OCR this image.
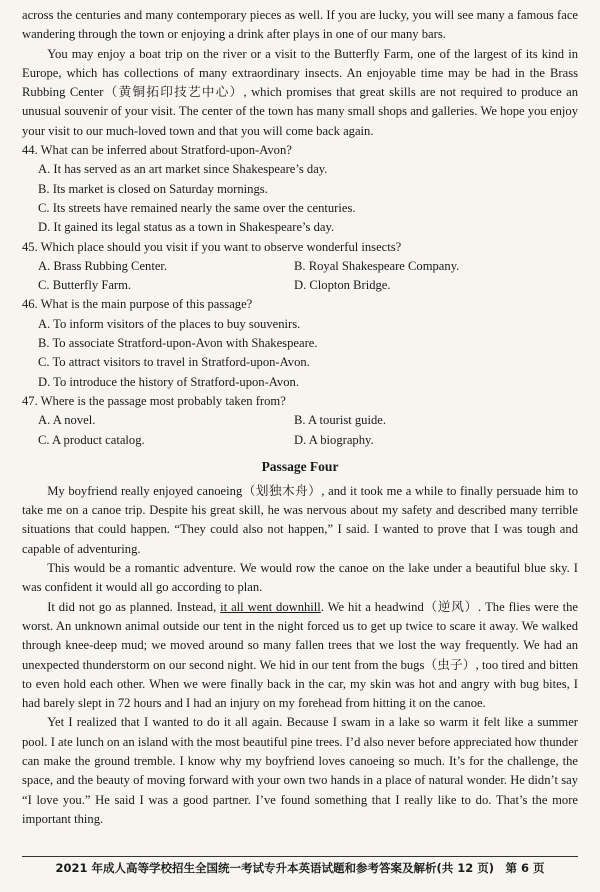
across the centuries and many contemporary pieces as well. If you are lucky, you will see many a famous face wandering through the town or enjoying a drink after plays in one of our many bars.

You may enjoy a boat trip on the river or a visit to the Butterfly Farm, one of the largest of its kind in Europe, which has collections of many extraordinary insects. An enjoyable time may be had in the Brass Rubbing Center（黄铜拓印技艺中心）, which promises that great skills are not required to produce an unusual souvenir of your visit. The center of the town has many small shops and galleries. We hope you enjoy your visit to our much-loved town and that you will come back again.

44. What can be inferred about Stratford-upon-Avon?
A. It has served as an art market since Shakespeare’s day.
B. Its market is closed on Saturday mornings.
C. Its streets have remained nearly the same over the centuries.
D. It gained its legal status as a town in Shakespeare’s day.
45. Which place should you visit if you want to observe wonderful insects?
A. Brass Rubbing Center.	B. Royal Shakespeare Company.
C. Butterfly Farm.	D. Clopton Bridge.
46. What is the main purpose of this passage?
A. To inform visitors of the places to buy souvenirs.
B. To associate Stratford-upon-Avon with Shakespeare.
C. To attract visitors to travel in Stratford-upon-Avon.
D. To introduce the history of Stratford-upon-Avon.
47. Where is the passage most probably taken from?
A. A novel.	B. A tourist guide.
C. A product catalog.	D. A biography.
Passage Four

My boyfriend really enjoyed canoeing（划独木舟）, and it took me a while to finally persuade him to take me on a canoe trip. Despite his great skill, he was nervous about my safety and described many terrible situations that could happen. “They could also not happen,” I said. I wanted to prove that I was tough and capable of adventuring.

This would be a romantic adventure. We would row the canoe on the lake under a beautiful blue sky. I was confident it would all go according to plan.

It did not go as planned. Instead, it all went downhill. We hit a headwind（逆风）. The flies were the worst. An unknown animal outside our tent in the night forced us to get up twice to scare it away. We walked through knee-deep mud; we moved around so many fallen trees that we lost the way frequently. We had an unexpected thunderstorm on our second night. We hid in our tent from the bugs（虫子）, too tired and bitten to even hold each other. When we were finally back in the car, my skin was hot and angry with bug bites, I had barely slept in 72 hours and I had an injury on my forehead from hitting it on the canoe.

Yet I realized that I wanted to do it all again. Because I swam in a lake so warm it felt like a summer pool. I ate lunch on an island with the most beautiful pine trees. I’d also never before appreciated how thunder can make the ground tremble. I know why my boyfriend loves canoeing so much. It’s for the challenge, the space, and the beauty of moving forward with your own two hands in a place of natural wonder. He didn’t say “I love you.” He said I was a good partner. I’ve found something that I really like to do. That’s the more important thing.

2021 年成人高等学校招生全国统一考试专升本英语试题和参考答案及解析(共 12 页)　第 6 页
